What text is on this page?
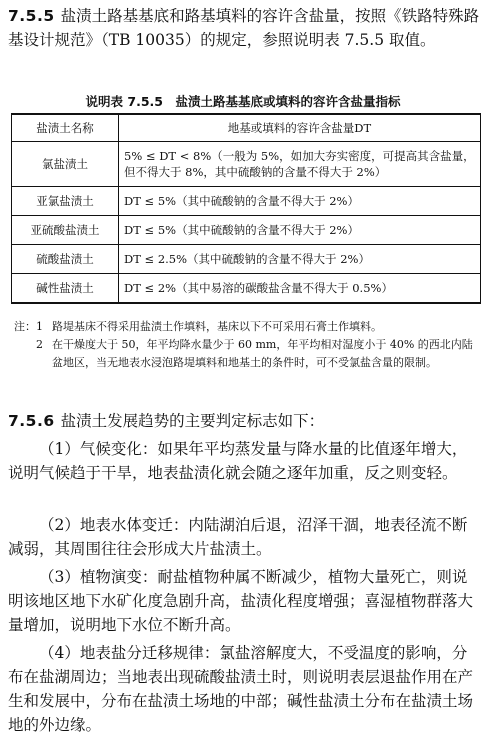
7.5.5 盐渍土路基基底和路基填料的容许含盐量，按照《铁路特殊路基设计规范》（TB 10035）的规定，参照说明表 7.5.5 取值。

说明表 7.5.5　盐渍土路基基底或填料的容许含盐量指标
盐渍土名称	地基或填料的容许含盐量DT
氯盐渍土	5% ≤ DT < 8%（一般为 5%，如加大夯实密度，可提高其含盐量，但不得大于 8%，其中硫酸钠的含量不得大于 2%）
亚氯盐渍土	DT ≤ 5%（其中硫酸钠的含量不得大于 2%）
亚硫酸盐渍土	DT ≤ 5%（其中硫酸钠的含量不得大于 2%）
硫酸盐渍土	DT ≤ 2.5%（其中硫酸钠的含量不得大于 2%）
碱性盐渍土	DT ≤ 2%（其中易溶的碳酸盐含量不得大于 0.5%）
注： 1 路堤基床不得采用盐渍土作填料，基床以下不可采用石膏土作填料。
2 在干燥度大于 50，年平均降水量少于 60 mm，年平均相对湿度小于 40% 的西北内陆盆地区，当无地表水浸泡路堤填料和地基土的条件时，可不受氯盐含量的限制。

7.5.6 盐渍土发展趋势的主要判定标志如下：

（1）气候变化：如果年平均蒸发量与降水量的比值逐年增大，说明气候趋于干旱，地表盐渍化就会随之逐年加重，反之则变轻。

（2）地表水体变迁：内陆湖泊后退，沼泽干涸，地表径流不断减弱，其周围往往会形成大片盐渍土。

（3）植物演变：耐盐植物种属不断减少，植物大量死亡，则说明该地区地下水矿化度急剧升高，盐渍化程度增强；喜湿植物群落大量增加，说明地下水位不断升高。

（4）地表盐分迁移规律：氯盐溶解度大，不受温度的影响，分布在盐湖周边；当地表出现硫酸盐渍土时，则说明表层退盐作用在产生和发展中，分布在盐渍土场地的中部；碱性盐渍土分布在盐渍土场地的外边缘。
